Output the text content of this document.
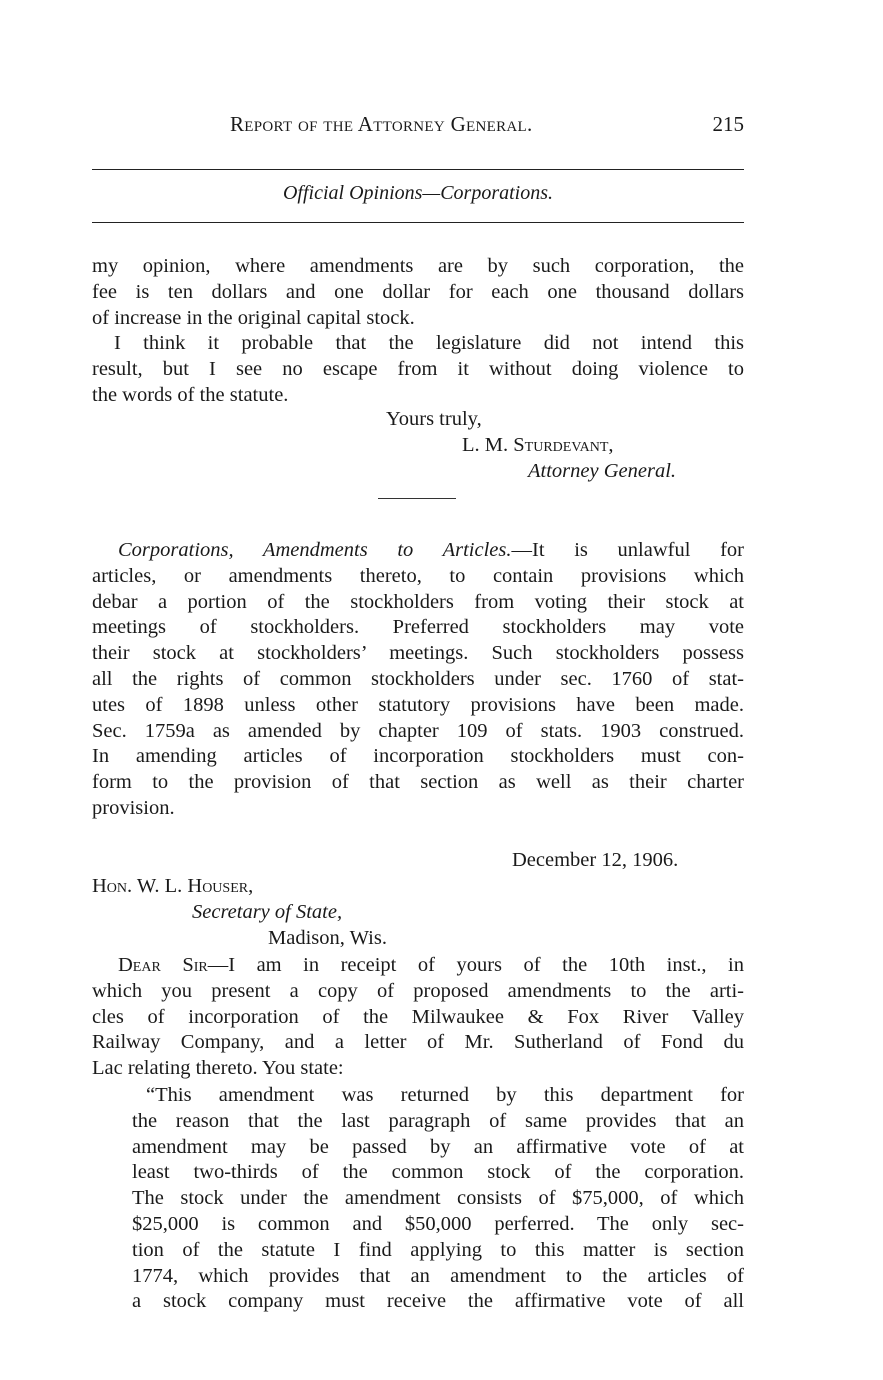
Report of the Attorney General.	215
Official Opinions—Corporations.
my opinion, where amendments are by such corporation, the
fee is ten dollars and one dollar for each one thousand dollars
of increase in the original capital stock.
I think it probable that the legislature did not intend this
result, but I see no escape from it without doing violence to
the words of the statute.
Yours truly,
L. M. Sturdevant,
Attorney General.
Corporations, Amendments to Articles.—It is unlawful for
articles, or amendments thereto, to contain provisions which
debar a portion of the stockholders from voting their stock at
meetings of stockholders. Preferred stockholders may vote
their stock at stockholders’ meetings. Such stockholders possess
all the rights of common stockholders under sec. 1760 of stat-
utes of 1898 unless other statutory provisions have been made.
Sec. 1759a as amended by chapter 109 of stats. 1903 construed.
In amending articles of incorporation stockholders must con-
form to the provision of that section as well as their charter
provision.
December 12, 1906.
Hon. W. L. Houser,
Secretary of State,
Madison, Wis.
Dear Sir—I am in receipt of yours of the 10th inst., in
which you present a copy of proposed amendments to the arti-
cles of incorporation of the Milwaukee & Fox River Valley
Railway Company, and a letter of Mr. Sutherland of Fond du
Lac relating thereto. You state:
“This amendment was returned by this department for
the reason that the last paragraph of same provides that an
amendment may be passed by an affirmative vote of at
least two-thirds of the common stock of the corporation.
The stock under the amendment consists of $75,000, of which
$25,000 is common and $50,000 perferred. The only sec-
tion of the statute I find applying to this matter is section
1774, which provides that an amendment to the articles of
a stock company must receive the affirmative vote of all
